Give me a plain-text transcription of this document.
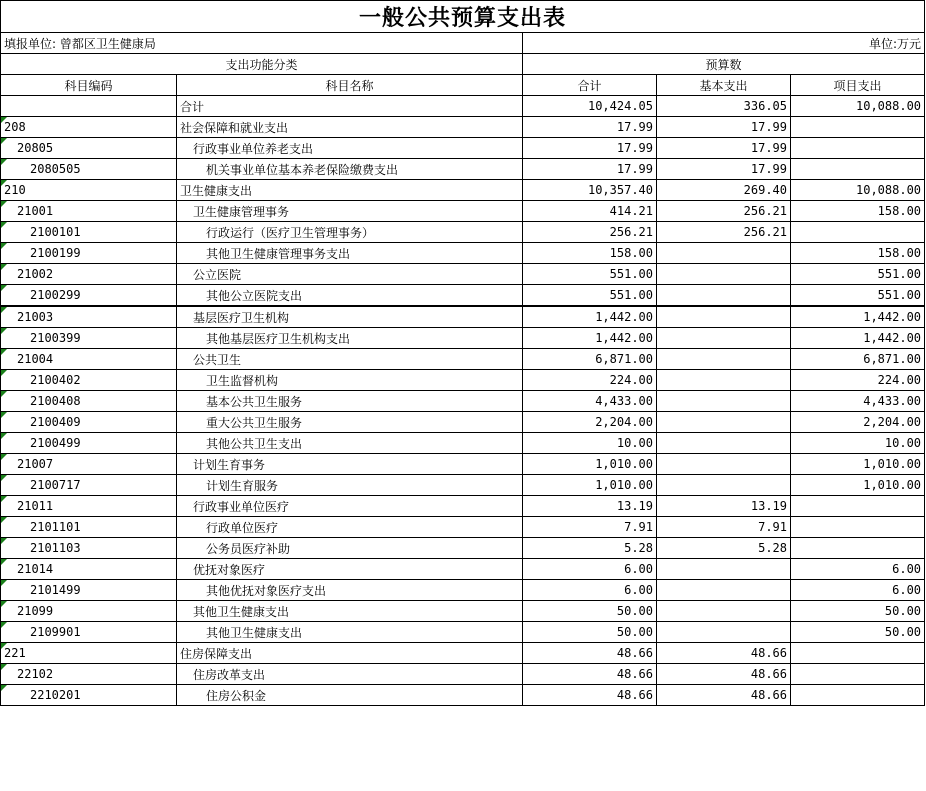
一般公共预算支出表				
填报单位: 曾都区卫生健康局		单位:万元		
支出功能分类		预算数		
科目编码	科目名称	合计	基本支出	项目支出
	合计	10,424.05	336.05	10,088.00
208	社会保障和就业支出	17.99	17.99	
20805	行政事业单位养老支出	17.99	17.99	
2080505	机关事业单位基本养老保险缴费支出	17.99	17.99	
210	卫生健康支出	10,357.40	269.40	10,088.00
21001	卫生健康管理事务	414.21	256.21	158.00
2100101	行政运行（医疗卫生管理事务）	256.21	256.21	
2100199	其他卫生健康管理事务支出	158.00		158.00
21002	公立医院	551.00		551.00
2100299	其他公立医院支出	551.00		551.00
21003	基层医疗卫生机构	1,442.00		1,442.00
2100399	其他基层医疗卫生机构支出	1,442.00		1,442.00
21004	公共卫生	6,871.00		6,871.00
2100402	卫生监督机构	224.00		224.00
2100408	基本公共卫生服务	4,433.00		4,433.00
2100409	重大公共卫生服务	2,204.00		2,204.00
2100499	其他公共卫生支出	10.00		10.00
21007	计划生育事务	1,010.00		1,010.00
2100717	计划生育服务	1,010.00		1,010.00
21011	行政事业单位医疗	13.19	13.19	
2101101	行政单位医疗	7.91	7.91	
2101103	公务员医疗补助	5.28	5.28	
21014	优抚对象医疗	6.00		6.00
2101499	其他优抚对象医疗支出	6.00		6.00
21099	其他卫生健康支出	50.00		50.00
2109901	其他卫生健康支出	50.00		50.00
221	住房保障支出	48.66	48.66	
22102	住房改革支出	48.66	48.66	
2210201	住房公积金	48.66	48.66	
